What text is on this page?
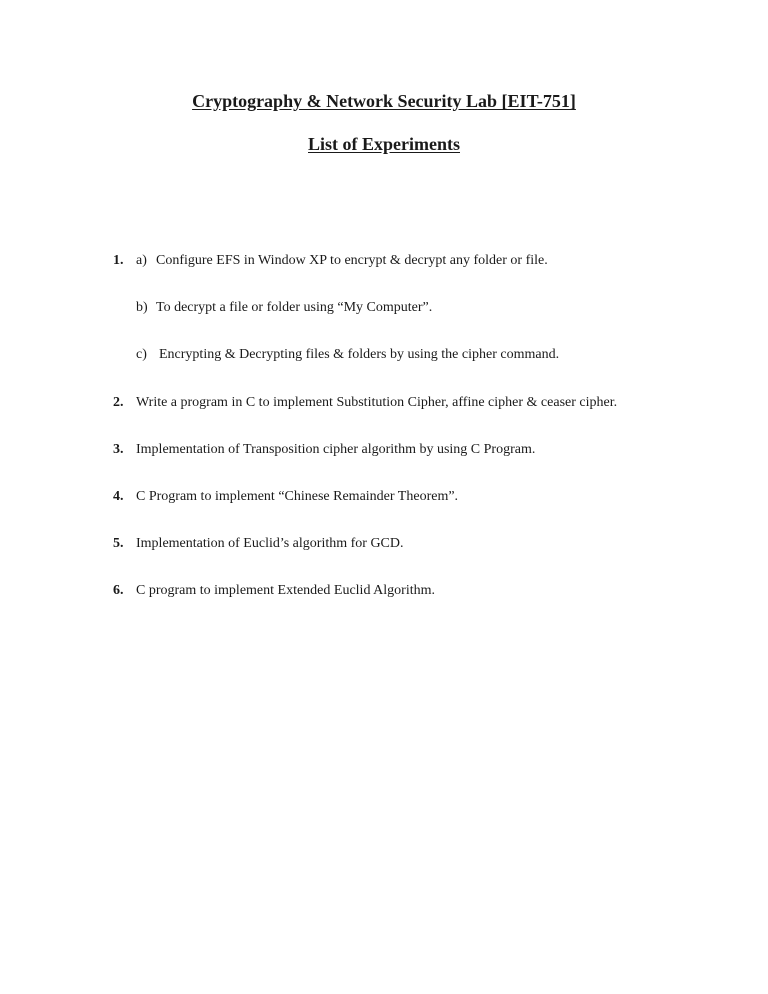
Cryptography & Network Security Lab [EIT-751]
List of Experiments
1. a) Configure EFS in Window XP to encrypt & decrypt any folder or file.
b) To decrypt a file or folder using “My Computer”.
c) Encrypting & Decrypting files & folders by using the cipher command.
2. Write a program in C to implement Substitution Cipher, affine cipher & ceaser cipher.
3. Implementation of Transposition cipher algorithm by using C Program.
4. C Program to implement “Chinese Remainder Theorem”.
5. Implementation of Euclid’s algorithm for GCD.
6. C program to implement Extended Euclid Algorithm.
